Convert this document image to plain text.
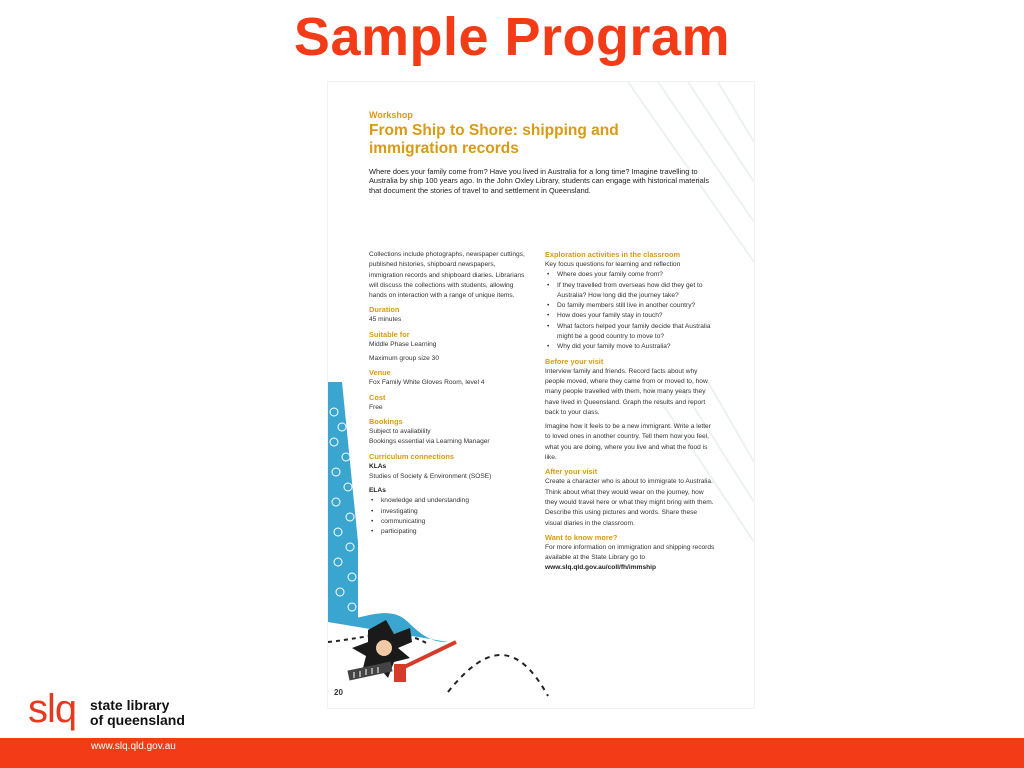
Sample Program
Workshop
From Ship to Shore: shipping and immigration records
Where does your family come from? Have you lived in Australia for a long time? Imagine travelling to Australia by ship 100 years ago. In the John Oxley Library, students can engage with historical materials that document the stories of travel to and settlement in Queensland.

Collections include photographs, newspaper cuttings, published histories, shipboard newspapers, immigration records and shipboard diaries. Librarians will discuss the collections with students, allowing hands on interaction with a range of unique items.

Duration

45 minutes

Suitable for

Middle Phase Learning

Maximum group size 30

Venue

Fox Family White Gloves Room, level 4

Cost

Free

Bookings
Subject to availability

Bookings essential via Learning Manager

Curriculum connections
KLAs

Studies of Society & Environment (SOSE)

ELAs
• knowledge and understanding
• investigating
• communicating
• participating
Exploration activities in the classroom
Key focus questions for learning and reflection
• Where does your family come from?
• If they travelled from overseas how did they get to Australia? How long did the journey take?
• Do family members still live in another country?
• How does your family stay in touch?
• What factors helped your family decide that Australia might be a good country to move to?
• Why did your family move to Australia?
Before your visit

Interview family and friends. Record facts about why people moved, where they came from or moved to, how many people travelled with them, how many years they have lived in Queensland. Graph the results and report back to your class.

Imagine how it feels to be a new immigrant. Write a letter to loved ones in another country. Tell them how you feel, what you are doing, where you live and what the food is like.

After your visit

Create a character who is about to immigrate to Australia. Think about what they would wear on the journey, how they would travel here or what they might bring with them. Describe this using pictures and words. Share these visual diaries in the classroom.

Want to know more?

For more information on immigration and shipping records available at the State Library go to www.slq.qld.gov.au/coll/fh/immship

20
slq state library
of queensland
www.slq.qld.gov.au
